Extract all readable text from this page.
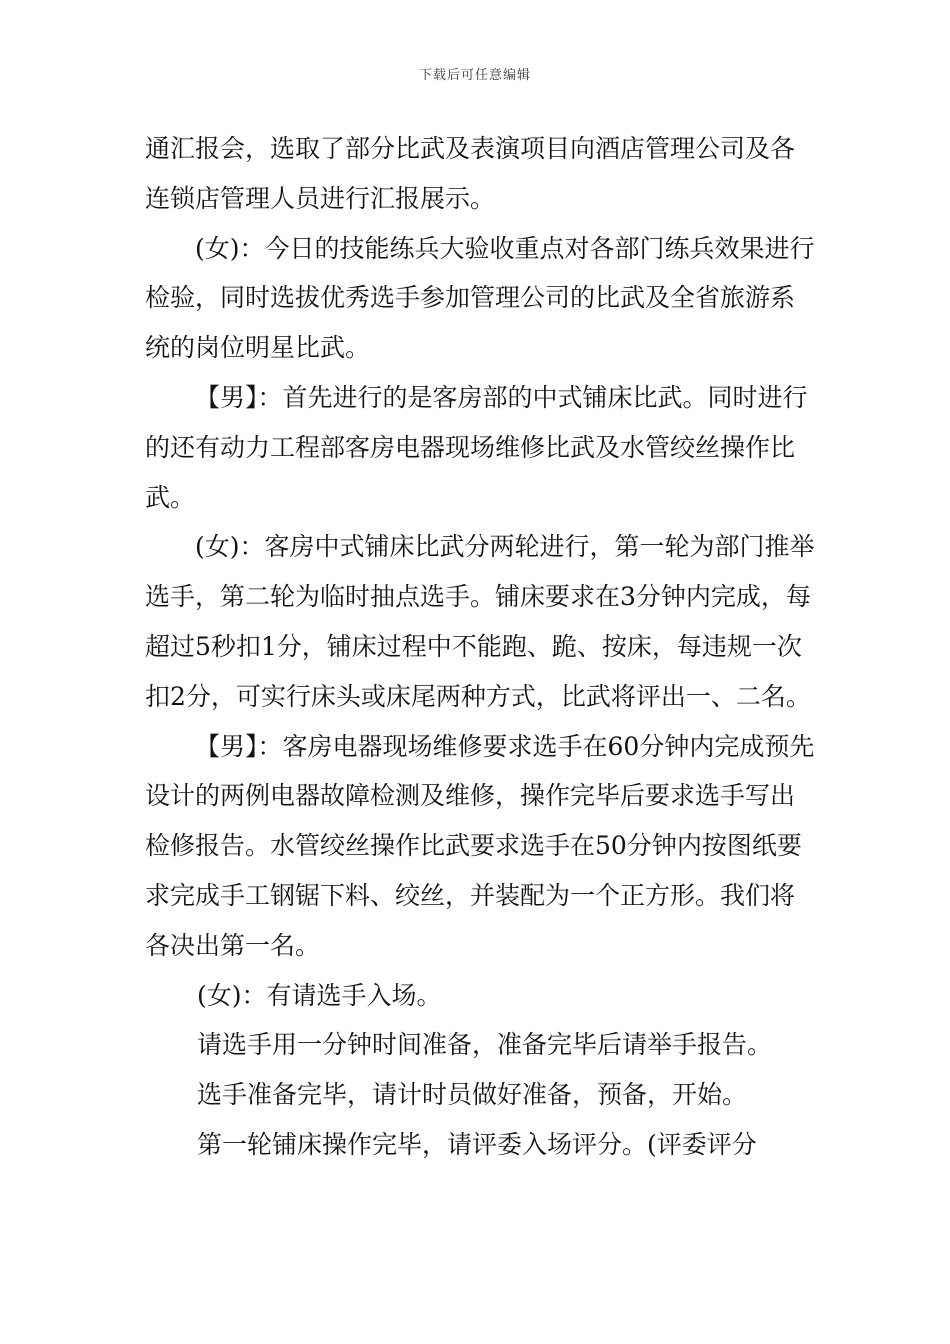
下载后可任意编辑

通汇报会，选取了部分比武及表演项目向酒店管理公司及各连锁店管理人员进行汇报展示。

(女)：今日的技能练兵大验收重点对各部门练兵效果进行检验，同时选拔优秀选手参加管理公司的比武及全省旅游系统的岗位明星比武。

【男】：首先进行的是客房部的中式铺床比武。同时进行的还有动力工程部客房电器现场维修比武及水管绞丝操作比武。

(女)：客房中式铺床比武分两轮进行，第一轮为部门推举选手，第二轮为临时抽点选手。铺床要求在3分钟内完成，每超过5秒扣1分，铺床过程中不能跑、跪、按床，每违规一次扣2分，可实行床头或床尾两种方式，比武将评出一、二名。

【男】：客房电器现场维修要求选手在60分钟内完成预先设计的两例电器故障检测及维修，操作完毕后要求选手写出检修报告。水管绞丝操作比武要求选手在50分钟内按图纸要求完成手工钢锯下料、绞丝，并装配为一个正方形。我们将各决出第一名。

(女)：有请选手入场。

请选手用一分钟时间准备，准备完毕后请举手报告。

选手准备完毕，请计时员做好准备，预备，开始。

第一轮铺床操作完毕，请评委入场评分。(评委评分
